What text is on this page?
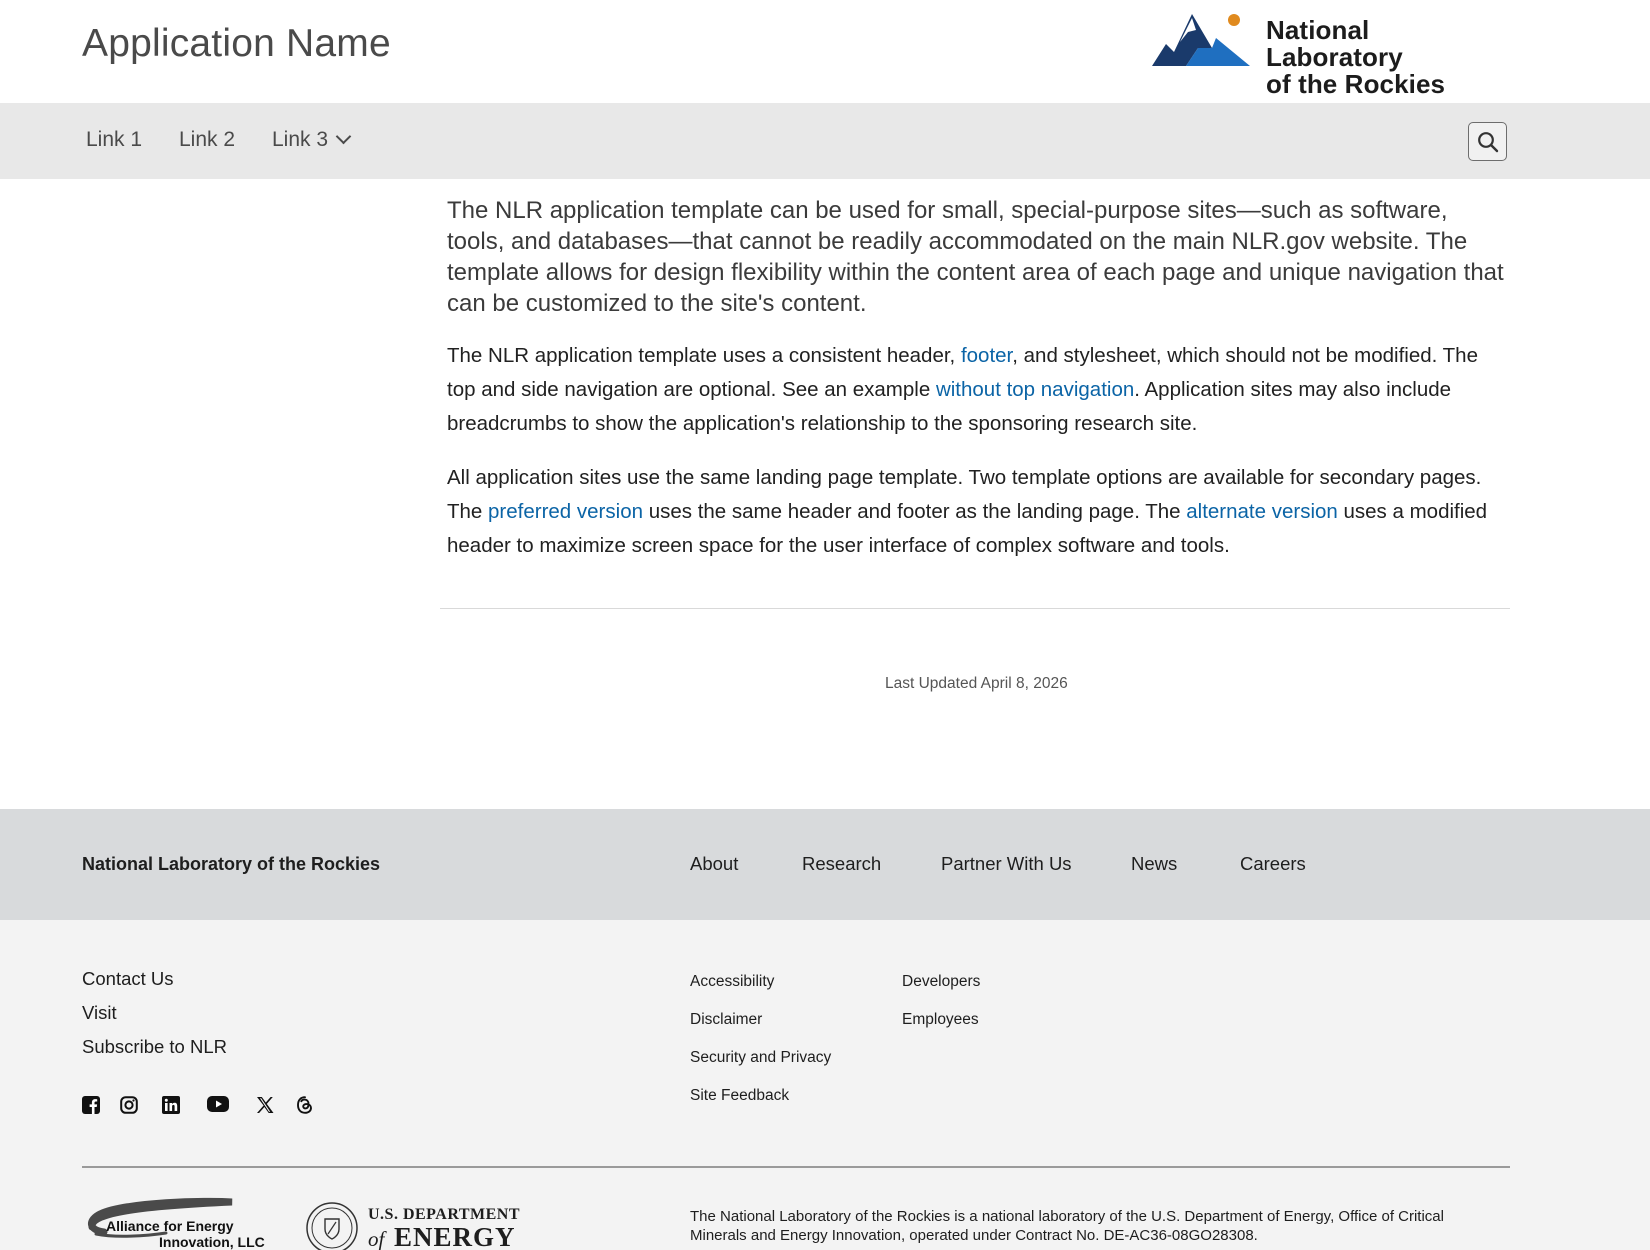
Application Name	National Laboratory
of the Rockies
Link 1 Link 2 Link 3

The NLR application template can be used for small, special-purpose sites—such as software, tools, and databases—that cannot be readily accommodated on the main NLR.gov website. The template allows for design flexibility within the content area of each page and unique navigation that can be customized to the site's content.

The NLR application template uses a consistent header, footer, and stylesheet, which should not be modified. The top and side navigation are optional. See an example without top navigation. Application sites may also include breadcrumbs to show the application's relationship to the sponsoring research site.

All application sites use the same landing page template. Two template options are available for secondary pages. The preferred version uses the same header and footer as the landing page. The alternate version uses a modified header to maximize screen space for the user interface of complex software and tools.

Last Updated April 8, 2026
National Laboratory of the Rockies	About	Research	Partner With Us	News	Careers
Contact Us
Visit
Subscribe to NLR
Accessibility
Disclaimer
Security and Privacy
Site Feedback
Developers
Employees
Alliance for Energy
Innovation, LLC
U.S. DEPARTMENT
of ENERGY

The National Laboratory of the Rockies is a national laboratory of the U.S. Department of Energy, Office of Critical Minerals and Energy Innovation, operated under Contract No. DE-AC36-08GO28308.
